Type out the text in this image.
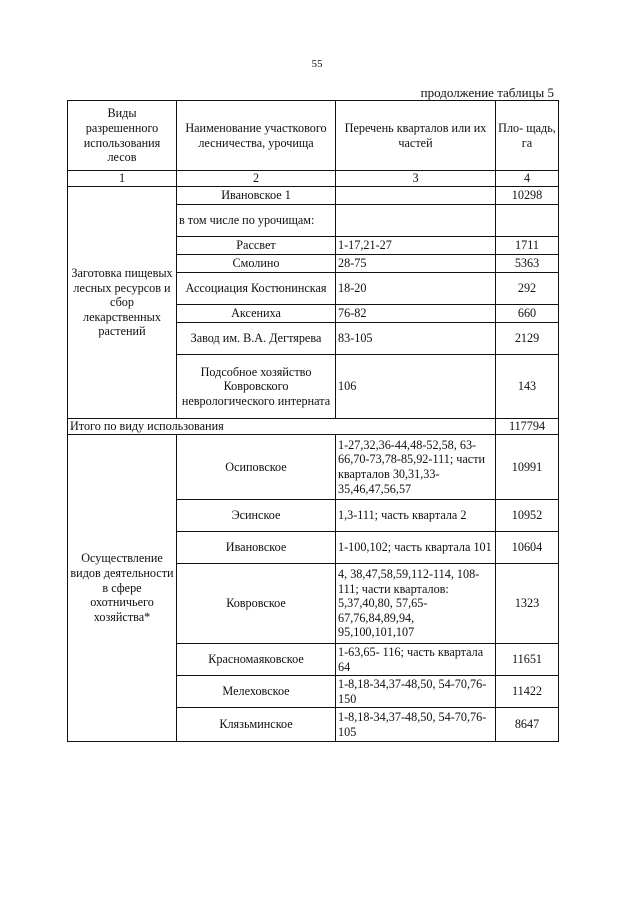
55
продолжение таблицы 5
Виды разрешенного использования лесов	Наименование участкового лесничества, урочища	Перечень кварталов или их частей	Пло- щадь, га
1	2	3	4
Заготовка пищевых лесных ресурсов и сбор лекарственных растений	Ивановское 1		10298
	в том числе по урочищам:		
	Рассвет	1-17,21-27	1711
	Смолино	28-75	5363
	Ассоциация Костюнинская	18-20	292
	Аксениха	76-82	660
	Завод им. В.А. Дегтярева	83-105	2129
	Подсобное хозяйство Ковровского неврологического интерната	106	143
Итого по виду использования			117794
Осуществление видов деятельности в сфере охотничьего хозяйства*	Осиповское	1-27,32,36-44,48-52,58, 63-66,70-73,78-85,92-111; части кварталов 30,31,33-35,46,47,56,57	10991
	Эсинское	1,3-111; часть квартала 2	10952
	Ивановское	1-100,102; часть квартала 101	10604
	Ковровское	4, 38,47,58,59,112-114, 108-111; части кварталов: 5,37,40,80, 57,65-67,76,84,89,94, 95,100,101,107	1323
	Красномаяковское	1-63,65- 116; часть квартала 64	11651
	Мелеховское	1-8,18-34,37-48,50, 54-70,76-150	11422
	Клязьминское	1-8,18-34,37-48,50, 54-70,76-105	8647
